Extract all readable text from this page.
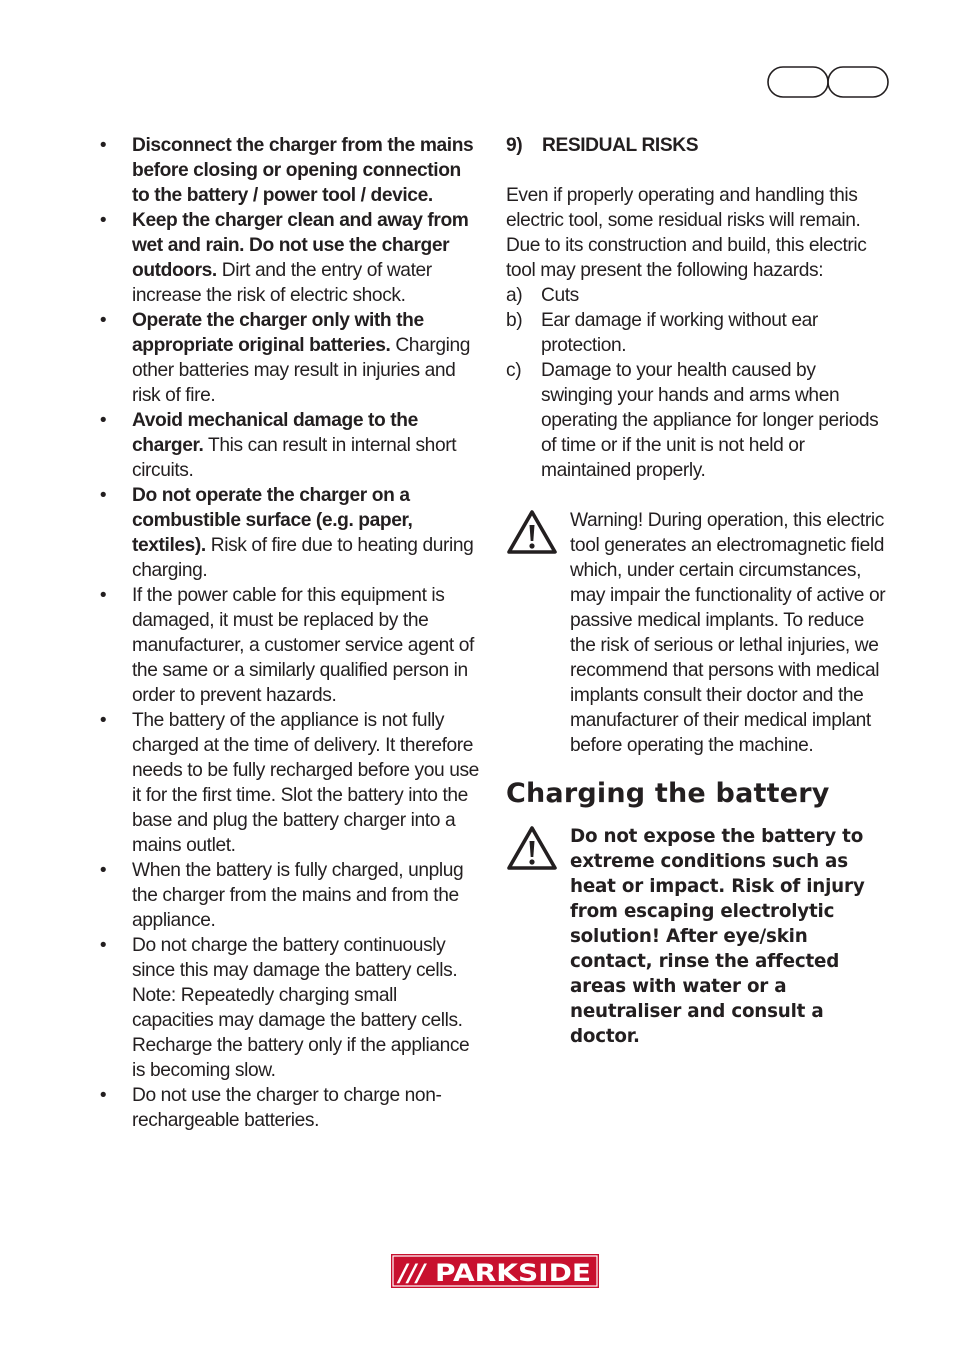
• Disconnect the charger from the mains before closing or opening connection to the battery / power tool / device.
• Keep the charger clean and away from wet and rain. Do not use the charger outdoors. Dirt and the entry of water increase the risk of electric shock.
• Operate the charger only with the appropriate original batteries. Charging other batteries may result in injuries and risk of fire.
• Avoid mechanical damage to the charger. This can result in internal short circuits.
• Do not operate the charger on a combustible surface (e.g. paper, textiles). Risk of fire due to heating during charging.
• If the power cable for this equipment is damaged, it must be replaced by the manufacturer, a customer service agent of the same or a similarly qualified person in order to prevent hazards.
• The battery of the appliance is not fully charged at the time of delivery. It therefore needs to be fully recharged before you use it for the first time. Slot the battery into the base and plug the battery charger into a mains outlet.
• When the battery is fully charged, unplug the charger from the mains and from the appliance.
• Do not charge the battery continuously since this may damage the battery cells. Note: Repeatedly charging small capacities may damage the battery cells. Recharge the battery only if the appliance is becoming slow.
• Do not use the charger to charge non-rechargeable batteries.

9) RESIDUAL RISKS

Even if properly operating and handling this electric tool, some residual risks will remain. Due to its construction and build, this electric tool may present the following hazards:

a) Cuts
b) Ear damage if working without ear protection.
c) Damage to your health caused by swinging your hands and arms when operating the appliance for longer periods of time or if the unit is not held or maintained properly.
Warning! During operation, this electric tool generates an electromagnetic field which, under certain circumstances, may impair the functionality of active or passive medical implants. To reduce the risk of serious or lethal injuries, we recommend that persons with medical implants consult their doctor and the manufacturer of their medical implant before operating the machine.
Charging the battery
Do not expose the battery to extreme conditions such as heat or impact. Risk of injury from escaping electrolytic solution! After eye/skin contact, rinse the affected areas with water or a neutraliser and consult a doctor.
/// PARKSIDE
